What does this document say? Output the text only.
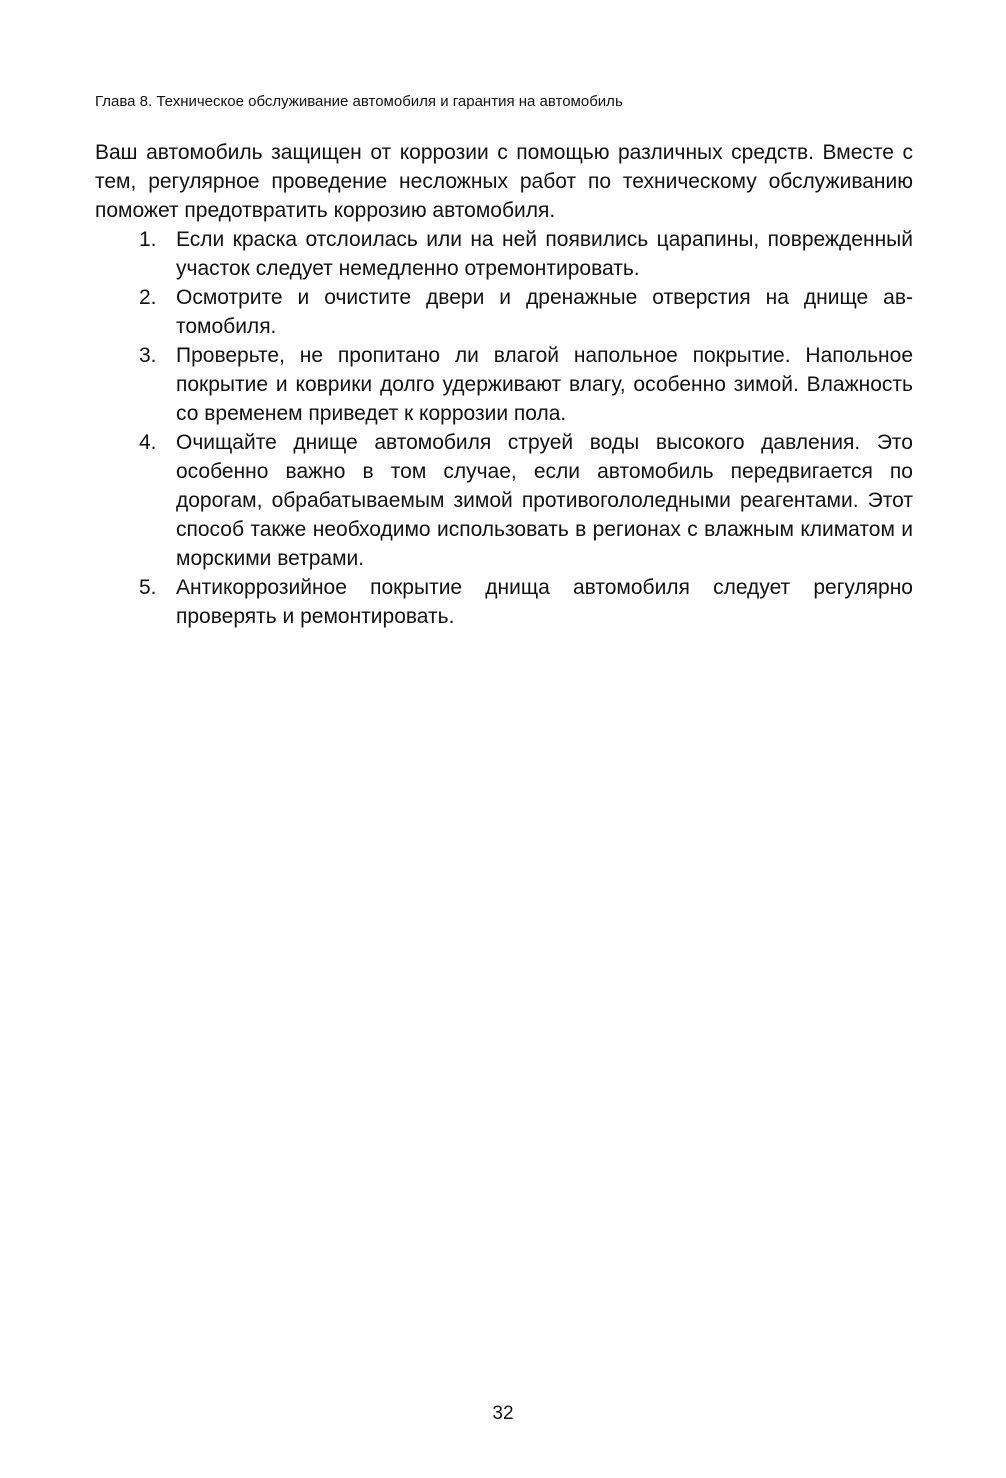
Глава 8. Техническое обслуживание автомобиля и гарантия на автомобиль

Ваш автомобиль защищен от коррозии с помощью различных средств. Вместе с тем, регулярное проведение несложных работ по техническому обслуживанию поможет предотвратить коррозию автомобиля.

1. Если краска отслоилась или на ней появились царапины, поврежденный участок следует немедленно отремонтировать.
2. Осмотрите и очистите двери и дренажные отверстия на днище автомобиля.
3. Проверьте, не пропитано ли влагой напольное покрытие. Напольное покрытие и коврики долго удерживают влагу, особенно зимой. Влажность со временем приведет к коррозии пола.
4. Очищайте днище автомобиля струей воды высокого давления. Это особенно важно в том случае, если автомобиль передвигается по дорогам, обрабатываемым зимой противогололедными реагентами. Этот способ также необходимо использовать в регионах с влажным климатом и морскими ветрами.
5. Антикоррозийное покрытие днища автомобиля следует регулярно проверять и ремонтировать.
32
